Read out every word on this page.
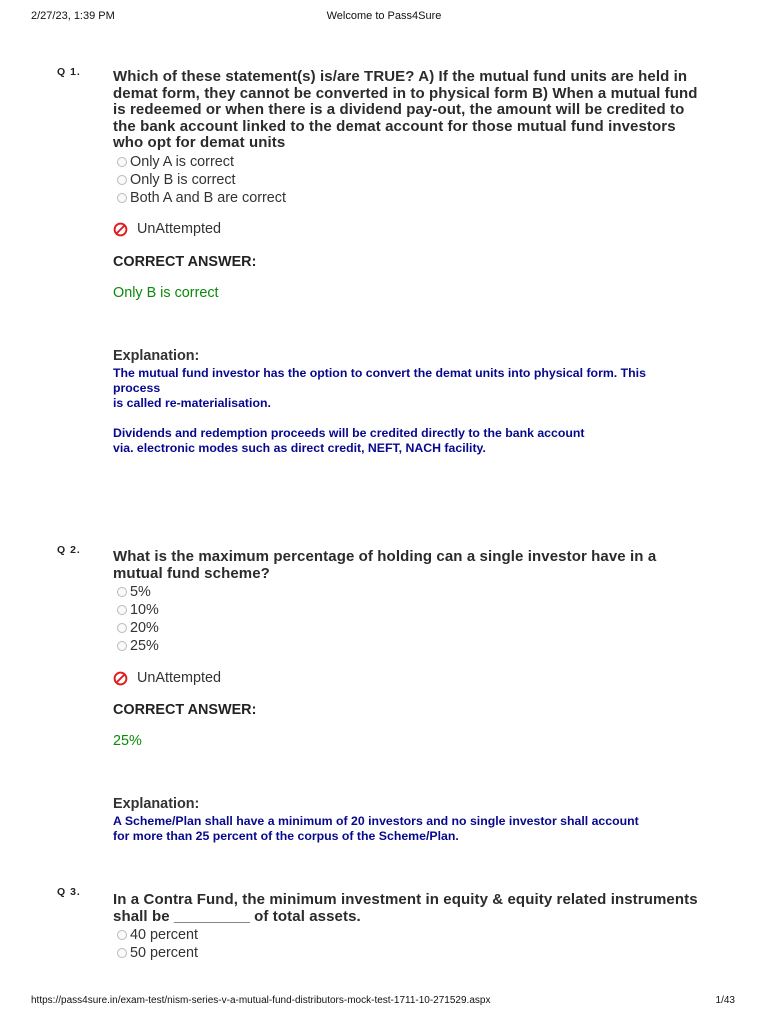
2/27/23, 1:39 PM	Welcome to Pass4Sure
Q 1. Which of these statement(s) is/are TRUE? A) If the mutual fund units are held in
demat form, they cannot be converted in to physical form B) When a mutual fund
is redeemed or when there is a dividend pay-out, the amount will be credited to
the bank account linked to the demat account for those mutual fund investors
who opt for demat units
Only A is correct
Only B is correct
Both A and B are correct
UnAttempted
CORRECT ANSWER:
Only B is correct
Explanation:
The mutual fund investor has the option to convert the demat units into physical form. This
process
is called re-materialisation.
Dividends and redemption proceeds will be credited directly to the bank account
via. electronic modes such as direct credit, NEFT, NACH facility.
Q 2. What is the maximum percentage of holding can a single investor have in a
mutual fund scheme?
5%
10%
20%
25%
UnAttempted
CORRECT ANSWER:
25%
Explanation:
A Scheme/Plan shall have a minimum of 20 investors and no single investor shall account
for more than 25 percent of the corpus of the Scheme/Plan.
Q 3. In a Contra Fund, the minimum investment in equity & equity related instruments
shall be _________ of total assets.
40 percent
50 percent
https://pass4sure.in/exam-test/nism-series-v-a-mutual-fund-distributors-mock-test-1711-10-271529.aspx	1/43
